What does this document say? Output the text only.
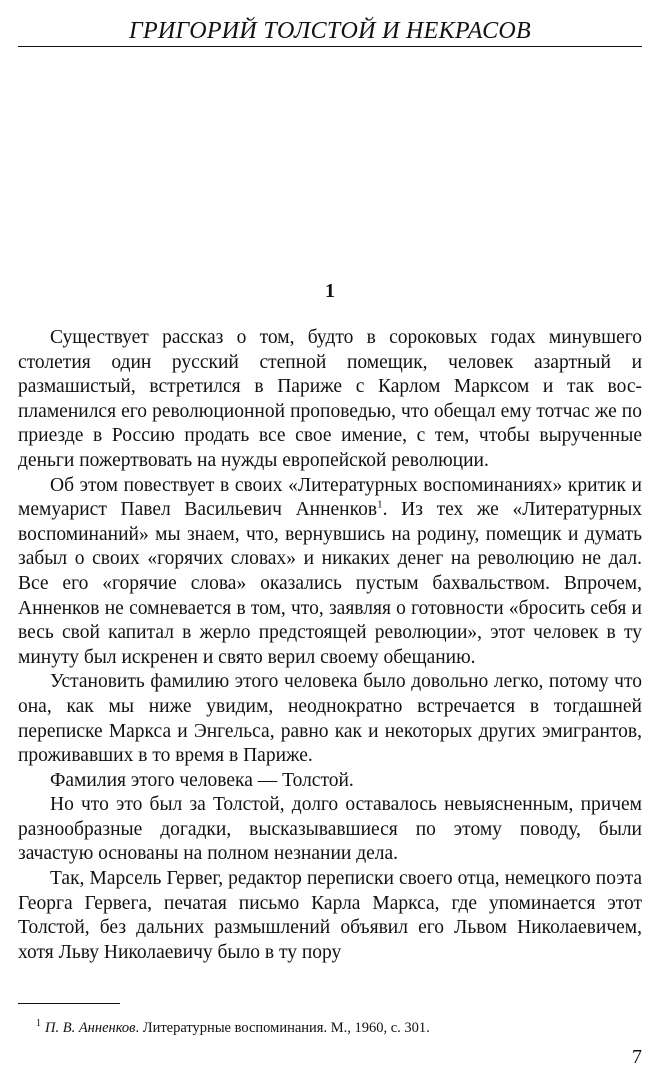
ГРИГОРИЙ ТОЛСТОЙ И НЕКРАСОВ
1

Существует рассказ о том, будто в сороковых годах минувшего столетия один русский степной помещик, человек азартный и размашистый, встретился в Париже с Карлом Марксом и так воспламенился его революционной проповедью, что обещал ему тотчас же по приезде в Россию продать все свое имение, с тем, чтобы вырученные деньги пожертвовать на нужды европейской революции.

Об этом повествует в своих «Литературных воспоминаниях» критик и мемуарист Павел Васильевич Анненков$^1$. Из тех же «Литературных воспоминаний» мы знаем, что, вернувшись на родину, помещик и думать забыл о своих «горячих словах» и никаких денег на революцию не дал. Все его «горячие слова» оказались пустым бахвальством. Впрочем, Анненков не сомневается в том, что, заявляя о готовности «бросить себя и весь свой капитал в жерло предстоящей революции», этот человек в ту минуту был искренен и свято верил своему обещанию.

Установить фамилию этого человека было довольно легко, потому что она, как мы ниже увидим, неоднократно встречается в тогдашней переписке Маркса и Энгельса, равно как и некоторых других эмигрантов, проживавших в то время в Париже.

Фамилия этого человека — Толстой.

Но что это был за Толстой, долго оставалось невыясненным, причем разнообразные догадки, высказывавшиеся по этому поводу, были зачастую основаны на полном незнании дела.

Так, Марсель Гервег, редактор переписки своего отца, немецкого поэта Георга Гервега, печатая письмо Карла Маркса, где упоминается этот Толстой, без дальних размышлений объявил его Львом Николаевичем, хотя Льву Николаевичу было в ту пору

$^1$ П. В. Анненков. Литературные воспоминания. М., 1960, с. 301.
7
